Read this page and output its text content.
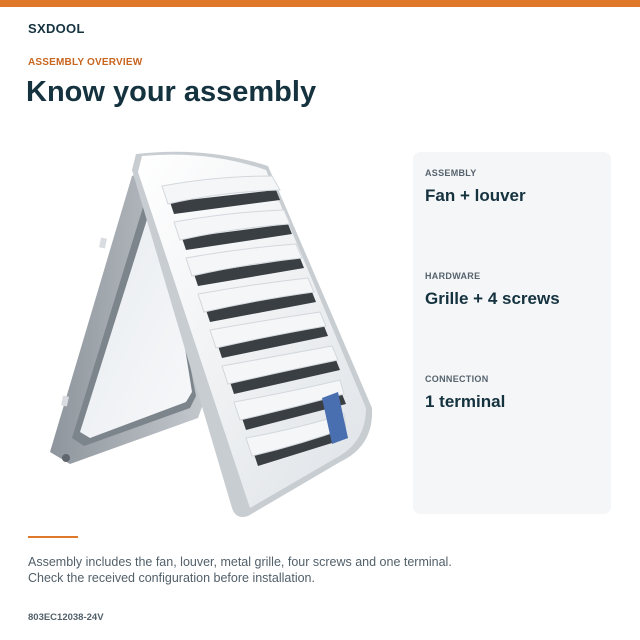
SXDOOL
ASSEMBLY OVERVIEW
Know your assembly
ASSEMBLY
Fan + louver
HARDWARE
Grille + 4 screws
CONNECTION
1 terminal
Assembly includes the fan, louver, metal grille, four screws and one terminal.
Check the received configuration before installation.
803EC12038-24V
